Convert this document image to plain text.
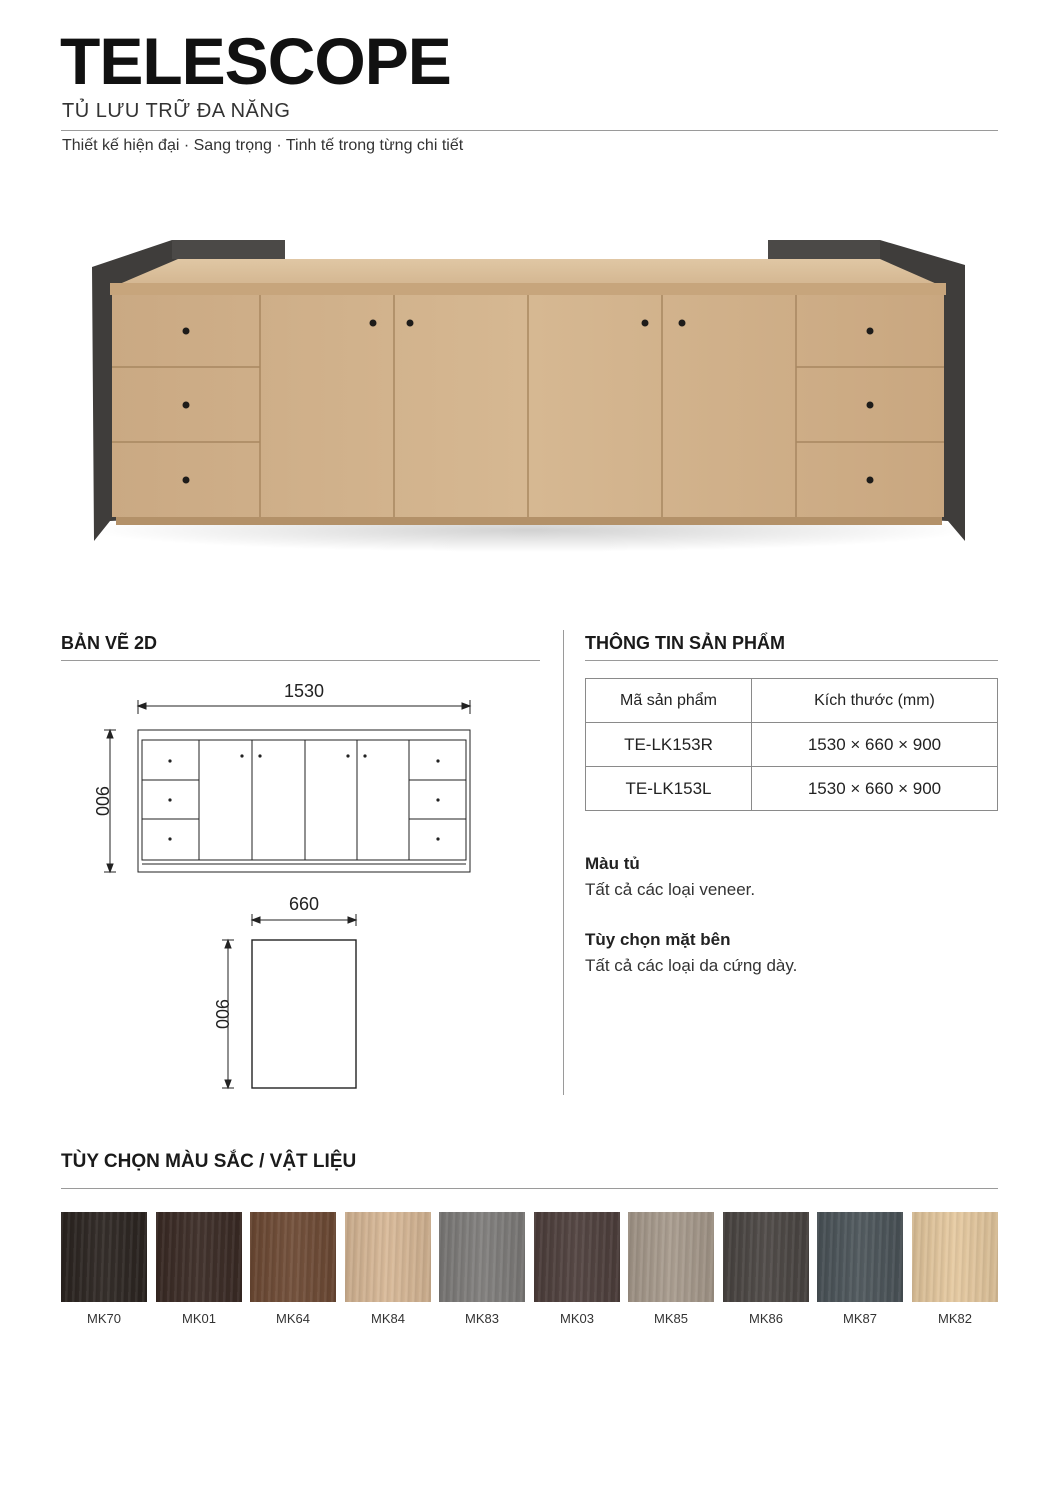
TELESCOPE
TỦ LƯU TRỮ ĐA NĂNG
Thiết kế hiện đại · Sang trọng · Tinh tế trong từng chi tiết
BẢN VẼ 2D
1530
900
660
900
THÔNG TIN SẢN PHẨM
Mã sản phẩm	Kích thước (mm)
TE-LK153R	1530 × 660 × 900
TE-LK153L	1530 × 660 × 900
Màu tủ
Tất cả các loại veneer.
Tùy chọn mặt bên
Tất cả các loại da cứng dày.
TÙY CHỌN MÀU SẮC / VẬT LIỆU
MK70	MK01	MK64	MK84	MK83	MK03	MK85	MK86	MK87	MK82
